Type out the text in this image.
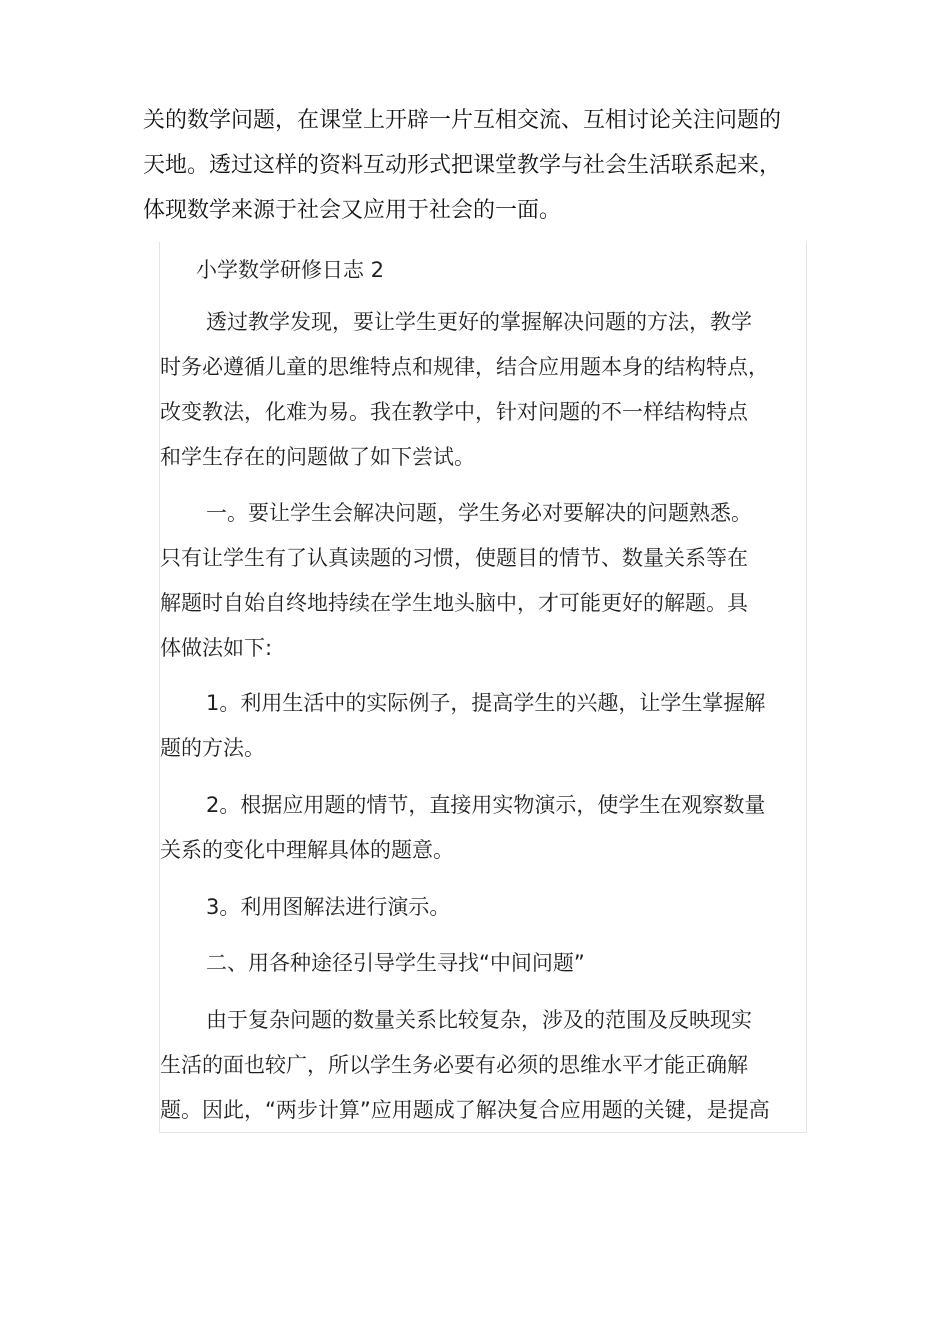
关的数学问题，在课堂上开辟一片互相交流、互相讨论关注问题的
天地。透过这样的资料互动形式把课堂教学与社会生活联系起来，
体现数学来源于社会又应用于社会的一面。
小学数学研修日志 2
透过教学发现，要让学生更好的掌握解决问题的方法，教学
时务必遵循儿童的思维特点和规律，结合应用题本身的结构特点，
改变教法，化难为易。我在教学中，针对问题的不一样结构特点
和学生存在的问题做了如下尝试。
一。要让学生会解决问题，学生务必对要解决的问题熟悉。
只有让学生有了认真读题的习惯，使题目的情节、数量关系等在
解题时自始自终地持续在学生地头脑中，才可能更好的解题。具
体做法如下:
1。利用生活中的实际例子，提高学生的兴趣，让学生掌握解
题的方法。
2。根据应用题的情节，直接用实物演示，使学生在观察数量
关系的变化中理解具体的题意。
3。利用图解法进行演示。
二、用各种途径引导学生寻找“中间问题”
由于复杂问题的数量关系比较复杂，涉及的范围及反映现实
生活的面也较广，所以学生务必要有必须的思维水平才能正确解
题。因此，“两步计算”应用题成了解决复合应用题的关键，是提高
